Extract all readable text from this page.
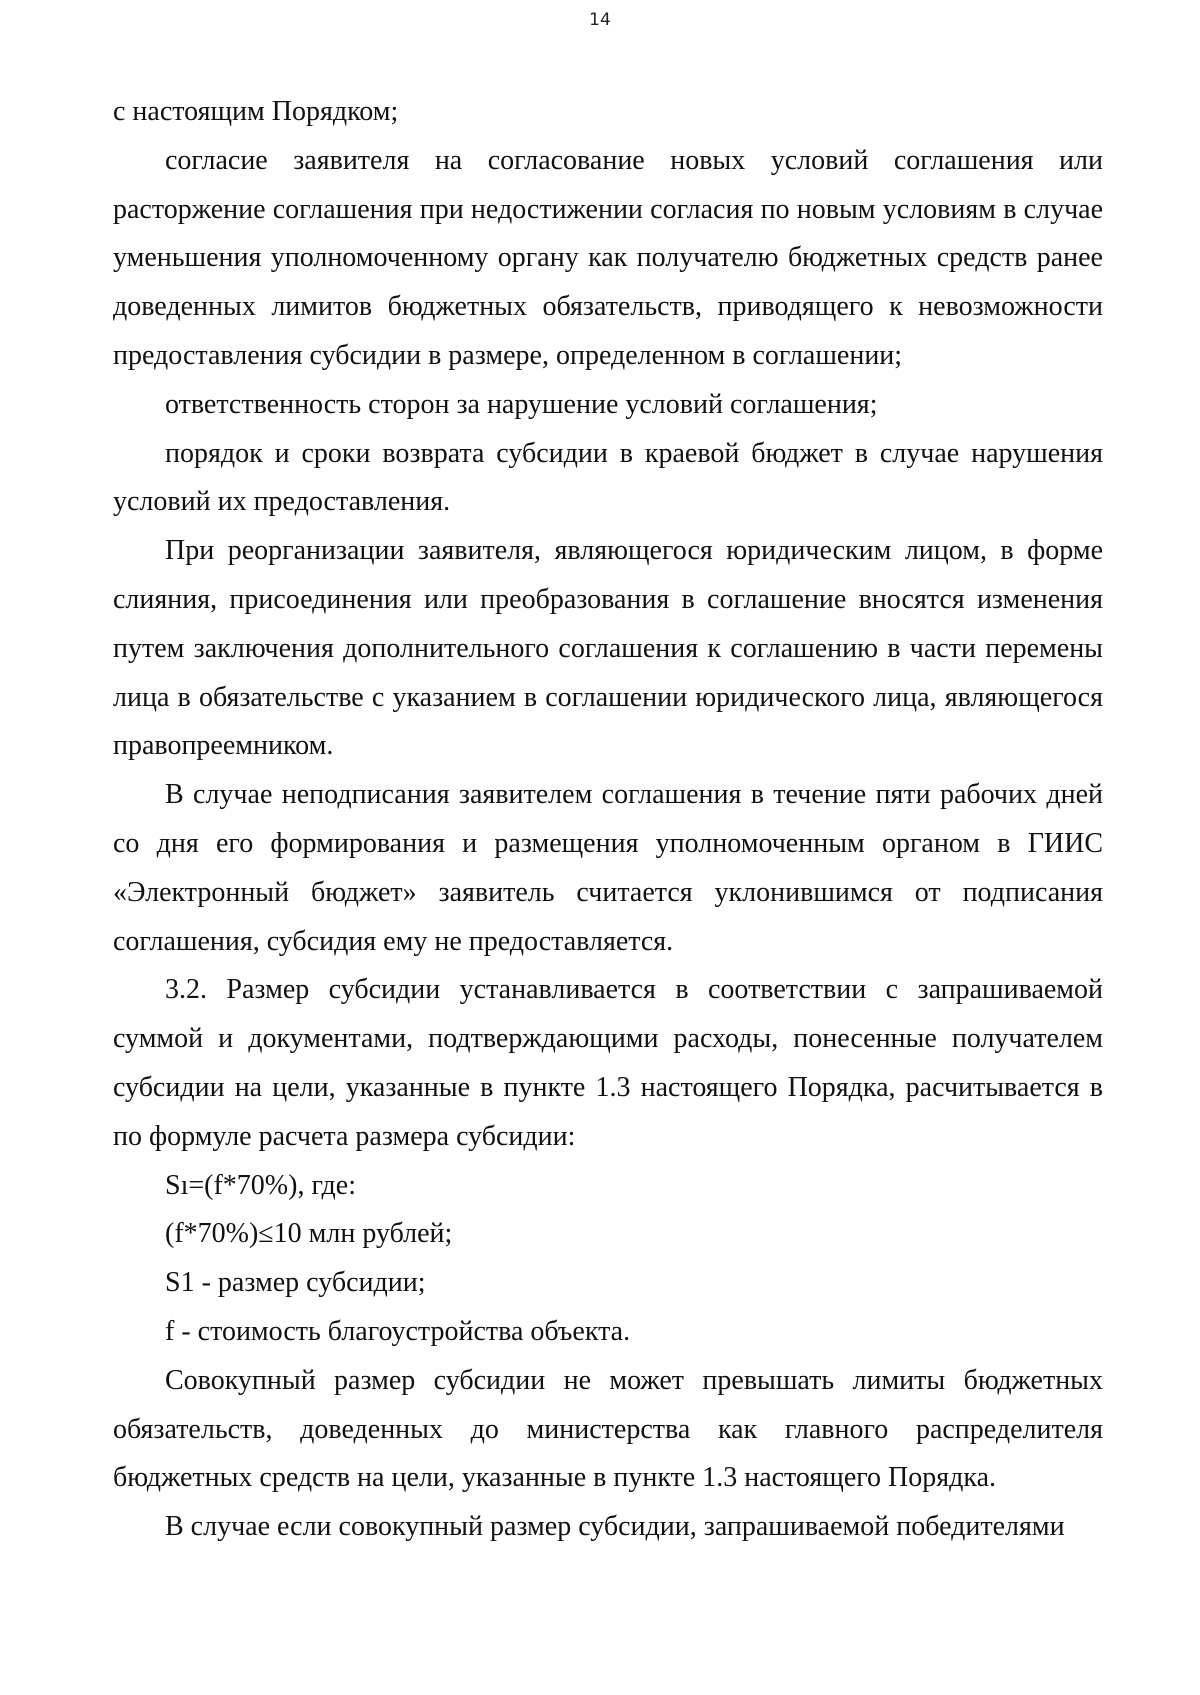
14

с настоящим Порядком;

согласие заявителя на согласование новых условий соглашения или расторжение соглашения при недостижении согласия по новым условиям в случае уменьшения уполномоченному органу как получателю бюджетных средств ранее доведенных лимитов бюджетных обязательств, приводящего к невозможности предоставления субсидии в размере, определенном в соглашении;

ответственность сторон за нарушение условий соглашения;

порядок и сроки возврата субсидии в краевой бюджет в случае нарушения условий их предоставления.

При реорганизации заявителя, являющегося юридическим лицом, в форме слияния, присоединения или преобразования в соглашение вносятся изменения путем заключения дополнительного соглашения к соглашению в части перемены лица в обязательстве с указанием в соглашении юридического лица, являющегося правопреемником.

В случае неподписания заявителем соглашения в течение пяти рабочих дней со дня его формирования и размещения уполномоченным органом в ГИИС «Электронный бюджет» заявитель считается уклонившимся от подписания соглашения, субсидия ему не предоставляется.

3.2. Размер субсидии устанавливается в соответствии с запрашиваемой суммой и документами, подтверждающими расходы, понесенные получателем субсидии на цели, указанные в пункте 1.3 настоящего Порядка, расчитывается в по формуле расчета размера субсидии:

Sı=(f*70%), где:

(f*70%)≤10 млн рублей;

S1 - размер субсидии;

f - стоимость благоустройства объекта.

Совокупный размер субсидии не может превышать лимиты бюджетных обязательств, доведенных до министерства как главного распределителя бюджетных средств на цели, указанные в пункте 1.3 настоящего Порядка.

В случае если совокупный размер субсидии, запрашиваемой победителями
